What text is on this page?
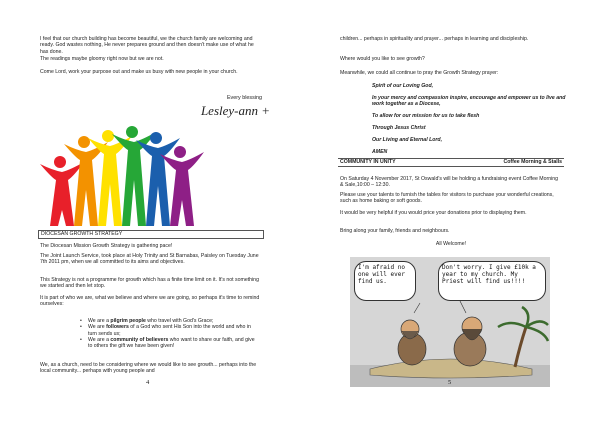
I feel that our church building has become beautiful, we the church family are welcoming and ready. God wastes nothing, He never prepares ground and then doesn't make use of what he has done.

The readings maybe gloomy right now but we are not.

Come Lord, work your purpose out and make us busy with new people in your church.

Every blessing

Lesley-ann +

DIOCESAN GROWTH STRATEGY

The Diocesan Mission Growth Strategy is gathering pace!

The Joint Launch Service, took place at Holy Trinity and St Barnabas, Paisley on Tuesday June 7th 2011 pm, when we all committed to its aims and objectives.

This Strategy is not a programme for growth which has a finite time limit on it. It's not something we started and then let stop.

It is part of who we are, what we believe and where we are going, so perhaps it's time to remind ourselves:

• We are a pilgrim people who travel with God's Grace;
• We are followers of a God who sent His Son into the world and who in turn sends us;
• We are a community of believers who want to share our faith, and give to others the gift we have been given!

We, as a church, need to be considering where we would like to see growth... perhaps into the local community... perhaps with young people and

4

children... perhaps in spirituality and prayer... perhaps in learning and discipleship.

Where would you like to see growth?

Meanwhile, we could all continue to pray the Growth Strategy prayer:

Spirit of our Loving God,

In your mercy and compassion inspire, encourage and empower us to live and work together as a Diocese,

To allow for our mission for us to take flesh

Through Jesus Christ

Our Living and Eternal Lord,

AMEN

COMMUNITY IN UNITY	Coffee Morning & Stalls

On Saturday 4 November 2017, St Oswald's will be holding a fundraising event Coffee Morning & Sale,10:00 – 12:30.

Please use your talents to furnish the tables for visitors to purchase your wonderful creations, such as home baking or soft goods.

It would be very helpful if you would price your donations prior to displaying them.

Bring along your family, friends and neighbours.

All Welcome!

I'm afraid no one will ever find us.
Don't worry. I give £10k a year to my church. My Priest will find us!!!!
5
